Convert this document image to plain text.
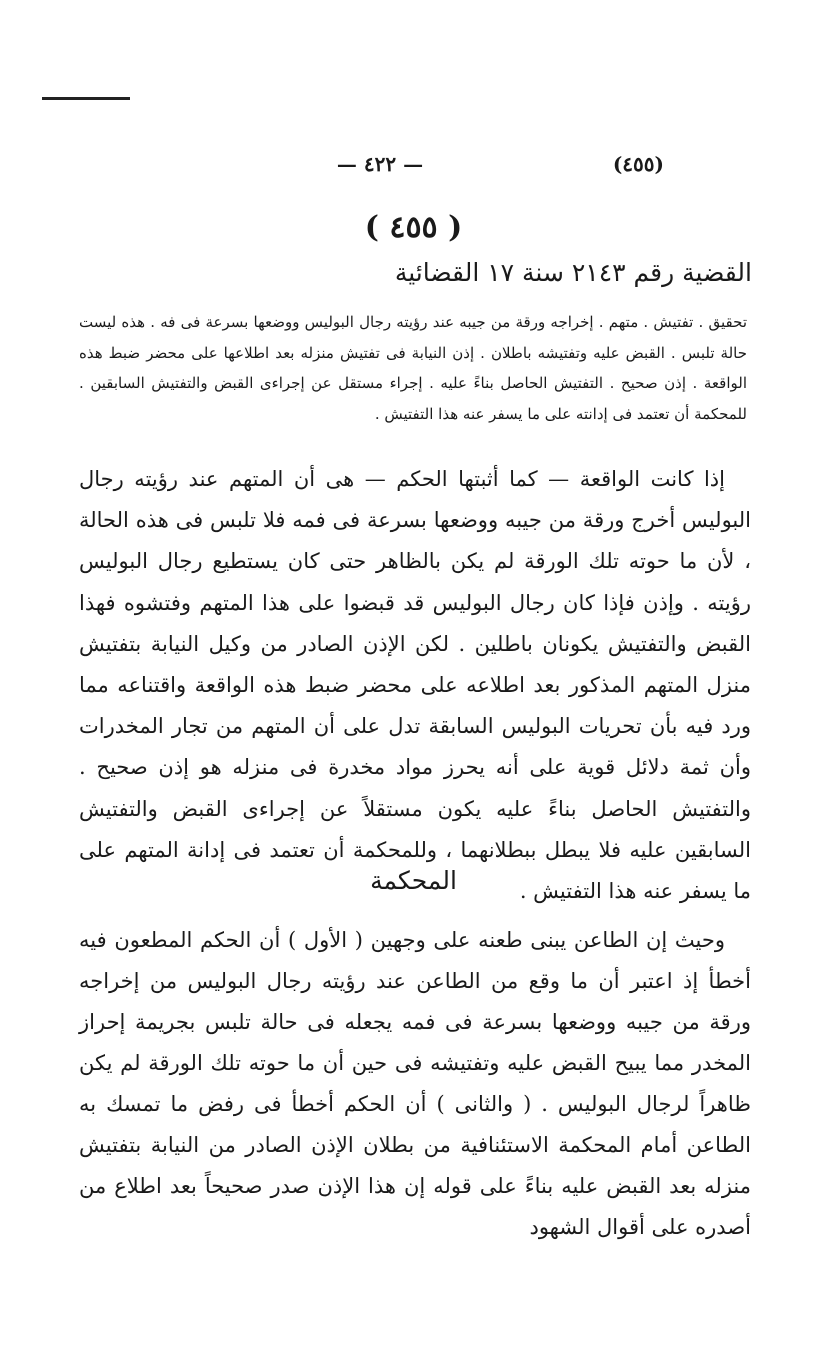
(٤٥٥)
— ٤٢٢ —
( ٤٥٥ )
القضية رقم ٢١٤٣ سنة ١٧ القضائية

تحقيق . تفتيش . متهم . إخراجه ورقة من جيبه عند رؤيته رجال البوليس ووضعها بسرعة فى فه . هذه ليست حالة تلبس . القبض عليه وتفتيشه باطلان . إذن النيابة فى تفتيش منزله بعد اطلاعها على محضر ضبط هذه الواقعة . إذن صحيح . التفتيش الحاصل بناءً عليه . إجراء مستقل عن إجراءى القبض والتفتيش السابقين . للمحكمة أن تعتمد فى إدانته على ما يسفر عنه هذا التفتيش .

إذا كانت الواقعة — كما أثبتها الحكم — هى أن المتهم عند رؤيته رجال البوليس أخرج ورقة من جيبه ووضعها بسرعة فى فمه فلا تلبس فى هذه الحالة ، لأن ما حوته تلك الورقة لم يكن بالظاهر حتى كان يستطيع رجال البوليس رؤيته . وإذن فإذا كان رجال البوليس قد قبضوا على هذا المتهم وفتشوه فهذا القبض والتفتيش يكونان باطلين . لكن الإذن الصادر من وكيل النيابة بتفتيش منزل المتهم المذكور بعد اطلاعه على محضر ضبط هذه الواقعة واقتناعه مما ورد فيه بأن تحريات البوليس السابقة تدل على أن المتهم من تجار المخدرات وأن ثمة دلائل قوية على أنه يحرز مواد مخدرة فى منزله هو إذن صحيح . والتفتيش الحاصل بناءً عليه يكون مستقلاً عن إجراءى القبض والتفتيش السابقين عليه فلا يبطل ببطلانهما ، وللمحكمة أن تعتمد فى إدانة المتهم على ما يسفر عنه هذا التفتيش .

المحكمة

وحيث إن الطاعن يبنى طعنه على وجهين ( الأول ) أن الحكم المطعون فيه أخطأ إذ اعتبر أن ما وقع من الطاعن عند رؤيته رجال البوليس من إخراجه ورقة من جيبه ووضعها بسرعة فى فمه يجعله فى حالة تلبس بجريمة إحراز المخدر مما يبيح القبض عليه وتفتيشه فى حين أن ما حوته تلك الورقة لم يكن ظاهراً لرجال البوليس . ( والثانى ) أن الحكم أخطأ فى رفض ما تمسك به الطاعن أمام المحكمة الاستئنافية من بطلان الإذن الصادر من النيابة بتفتيش منزله بعد القبض عليه بناءً على قوله إن هذا الإذن صدر صحيحاً بعد اطلاع من أصدره على أقوال الشهود
